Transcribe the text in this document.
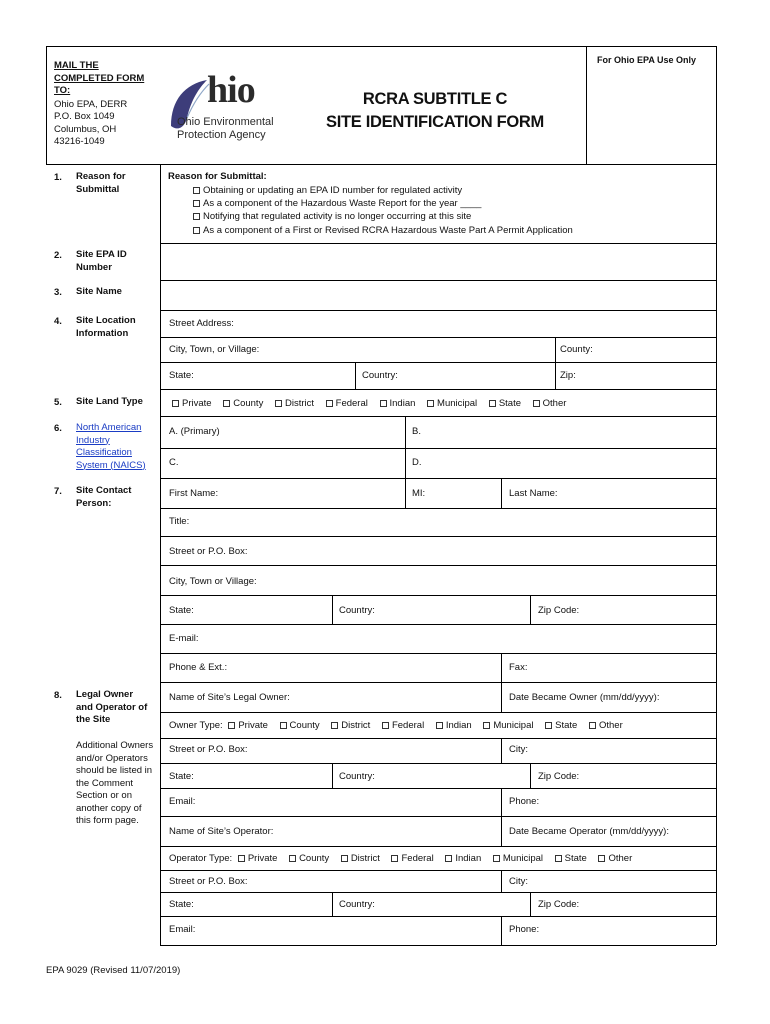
For Ohio EPA Use Only
MAIL THE
COMPLETED FORM
TO:
Ohio EPA, DERR
P.O. Box 1049
Columbus, OH
43216-1049
hio
Ohio Environmental
Protection Agency
RCRA SUBTITLE C
SITE IDENTIFICATION FORM
1. Reason for Submittal
Reason for Submittal:
Obtaining or updating an EPA ID number for regulated activity
As a component of the Hazardous Waste Report for the year ____
Notifying that regulated activity is no longer occurring at this site
As a component of a First or Revised RCRA Hazardous Waste Part A Permit Application
2. Site EPA ID Number
3. Site Name
4. Site Location Information
Street Address:
City, Town, or Village:	County:
State:	Country:	Zip:
5. Site Land Type	Private County District Federal Indian Municipal State Other
6. North American Industry Classification System (NAICS)
A. (Primary)	B.
C.	D.
7. Site Contact Person:
First Name:	MI:	Last Name:
Title:
Street or P.O. Box:
City, Town or Village:
State:	Country:	Zip Code:
E-mail:
Phone & Ext.:	Fax:
8. Legal Owner and Operator of the Site
Additional Owners and/or Operators should be listed in the Comment Section or on another copy of this form page.
Name of Site’s Legal Owner:	Date Became Owner (mm/dd/yyyy):
Owner Type: Private County District Federal Indian Municipal State Other
Street or P.O. Box:	City:
State:	Country:	Zip Code:
Email:	Phone:
Name of Site’s Operator:	Date Became Operator (mm/dd/yyyy):
Operator Type: Private County District Federal Indian Municipal State Other
Street or P.O. Box:	City:
State:	Country:	Zip Code:
Email:	Phone:
EPA 9029 (Revised 11/07/2019)
